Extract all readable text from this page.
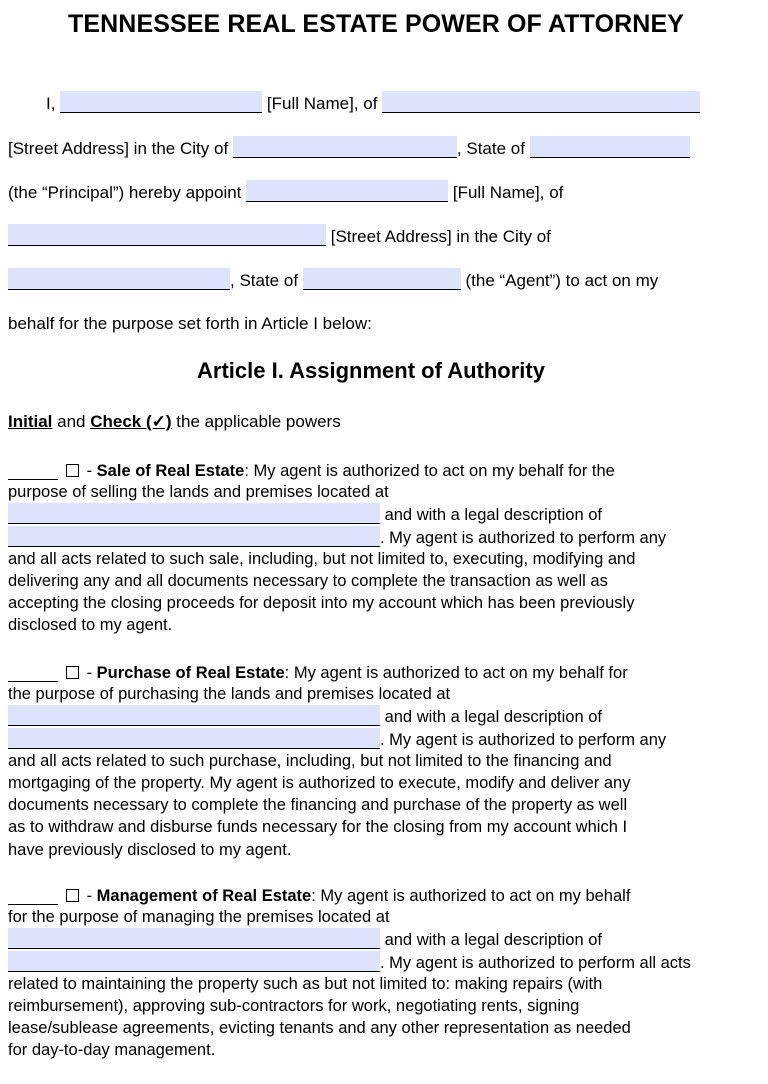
TENNESSEE REAL ESTATE POWER OF ATTORNEY
I,	[Full Name], of
[Street Address] in the City of	, State of
(the “Principal”) hereby appoint	[Full Name], of
[Street Address] in the City of
, State of	(the “Agent”) to act on my
behalf for the purpose set forth in Article I below:
Article I. Assignment of Authority
Initial and Check (✓) the applicable powers
- Sale of Real Estate: My agent is authorized to act on my behalf for the
purpose of selling the lands and premises located at
and with a legal description of
. My agent is authorized to perform any
and all acts related to such sale, including, but not limited to, executing, modifying and
delivering any and all documents necessary to complete the transaction as well as
accepting the closing proceeds for deposit into my account which has been previously
disclosed to my agent.
- Purchase of Real Estate: My agent is authorized to act on my behalf for
the purpose of purchasing the lands and premises located at
and with a legal description of
. My agent is authorized to perform any
and all acts related to such purchase, including, but not limited to the financing and
mortgaging of the property. My agent is authorized to execute, modify and deliver any
documents necessary to complete the financing and purchase of the property as well
as to withdraw and disburse funds necessary for the closing from my account which I
have previously disclosed to my agent.
- Management of Real Estate: My agent is authorized to act on my behalf
for the purpose of managing the premises located at
and with a legal description of
. My agent is authorized to perform all acts
related to maintaining the property such as but not limited to: making repairs (with
reimbursement), approving sub-contractors for work, negotiating rents, signing
lease/sublease agreements, evicting tenants and any other representation as needed
for day-to-day management.
